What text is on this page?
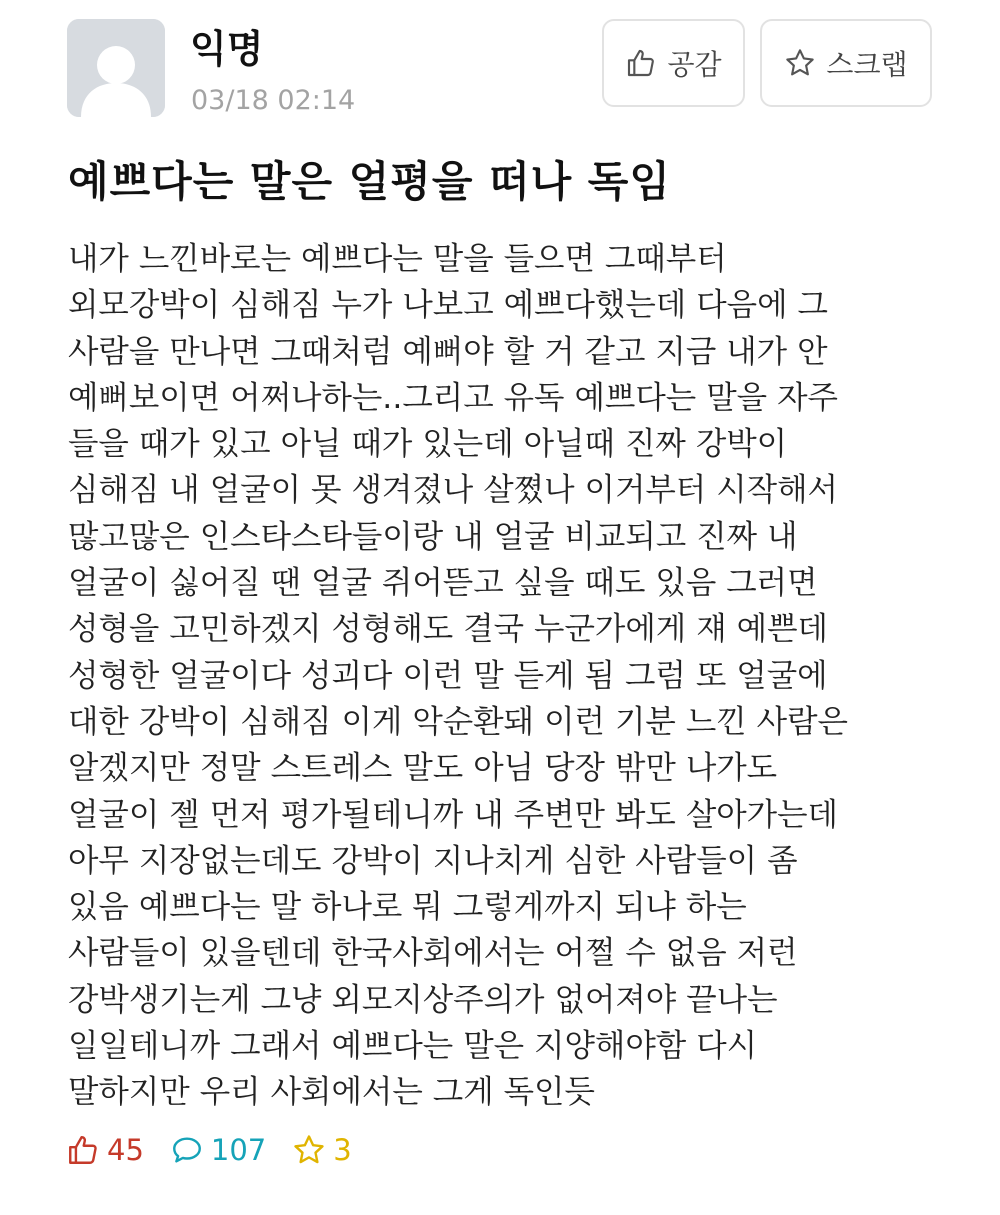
익명
03/18 02:14
공감	스크랩
예쁘다는 말은 얼평을 떠나 독임
내가 느낀바로는 예쁘다는 말을 들으면 그때부터
외모강박이 심해짐 누가 나보고 예쁘다했는데 다음에 그
사람을 만나면 그때처럼 예뻐야 할 거 같고 지금 내가 안
예뻐보이면 어쩌나하는..그리고 유독 예쁘다는 말을 자주
들을 때가 있고 아닐 때가 있는데 아닐때 진짜 강박이
심해짐 내 얼굴이 못 생겨졌나 살쪘나 이거부터 시작해서
많고많은 인스타스타들이랑 내 얼굴 비교되고 진짜 내
얼굴이 싫어질 땐 얼굴 쥐어뜯고 싶을 때도 있음 그러면
성형을 고민하겠지 성형해도 결국 누군가에게 쟤 예쁜데
성형한 얼굴이다 성괴다 이런 말 듣게 됨 그럼 또 얼굴에
대한 강박이 심해짐 이게 악순환돼 이런 기분 느낀 사람은
알겠지만 정말 스트레스 말도 아님 당장 밖만 나가도
얼굴이 젤 먼저 평가될테니까 내 주변만 봐도 살아가는데
아무 지장없는데도 강박이 지나치게 심한 사람들이 좀
있음 예쁘다는 말 하나로 뭐 그렇게까지 되냐 하는
사람들이 있을텐데 한국사회에서는 어쩔 수 없음 저런
강박생기는게 그냥 외모지상주의가 없어져야 끝나는
일일테니까 그래서 예쁘다는 말은 지양해야함 다시
말하지만 우리 사회에서는 그게 독인듯
45 107 3
